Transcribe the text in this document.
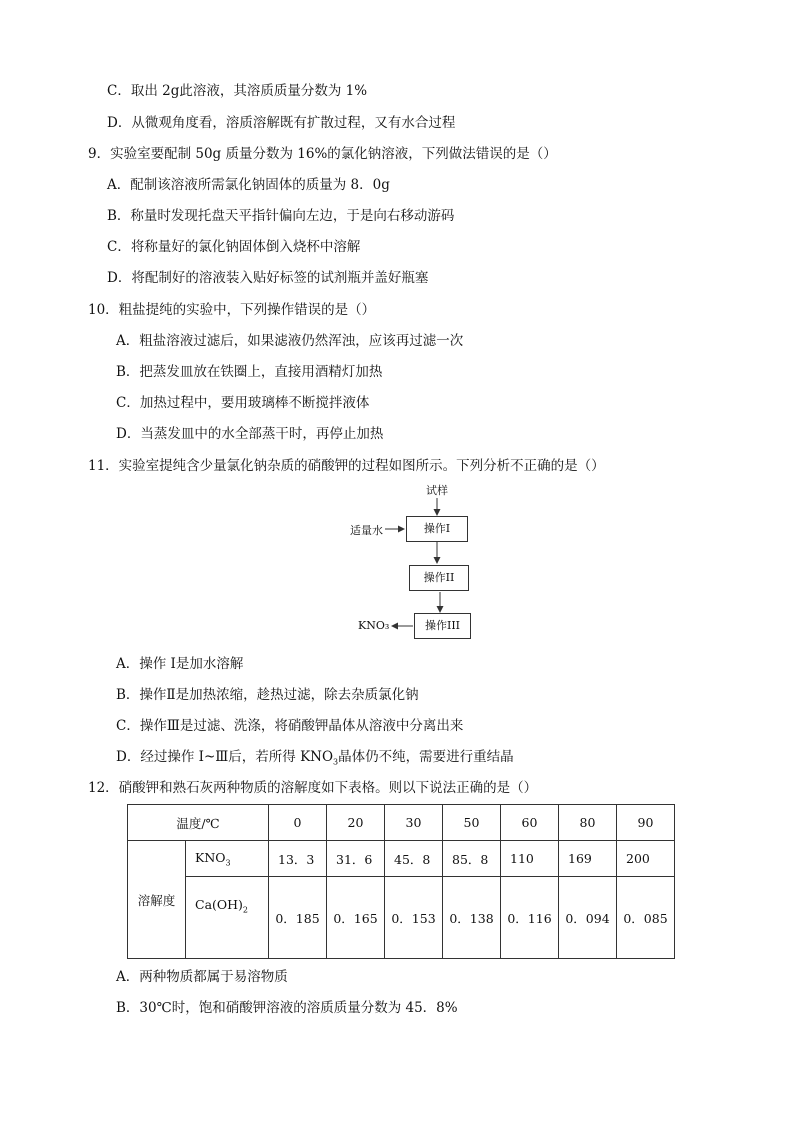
C．取出 2g此溶液，其溶质质量分数为 1%
D．从微观角度看，溶质溶解既有扩散过程，又有水合过程
9．实验室要配制 50g 质量分数为 16%的氯化钠溶液，下列做法错误的是（）
A．配制该溶液所需氯化钠固体的质量为 8．0g
B．称量时发现托盘天平指针偏向左边，于是向右移动游码
C．将称量好的氯化钠固体倒入烧杯中溶解
D．将配制好的溶液装入贴好标签的试剂瓶并盖好瓶塞
10．粗盐提纯的实验中，下列操作错误的是（）
A．粗盐溶液过滤后，如果滤液仍然浑浊，应该再过滤一次
B．把蒸发皿放在铁圈上，直接用酒精灯加热
C．加热过程中，要用玻璃棒不断搅拌液体
D．当蒸发皿中的水全部蒸干时，再停止加热
11．实验室提纯含少量氯化钠杂质的硝酸钾的过程如图所示。下列分析不正确的是（）
试样
适量水	操作I
操作II
操作III
KNO₃
A．操作 I是加水溶解
B．操作Ⅱ是加热浓缩，趁热过滤，除去杂质氯化钠
C．操作Ⅲ是过滤、洗涤，将硝酸钾晶体从溶液中分离出来
D．经过操作 I~Ⅲ后，若所得 $KNO_3$晶体仍不纯，需要进行重结晶
12．硝酸钾和熟石灰两种物质的溶解度如下表格。则以下说法正确的是（）
温度/℃		0	20	30	50	60	80	90
溶解度	$KNO_3$	13．3	31．6	45．8	85．8	110	169	200
	$Ca(OH)_2$	0．185	0．165	0．153	0．138	0．116	0．094	0．085
A．两种物质都属于易溶物质
B．30℃时，饱和硝酸钾溶液的溶质质量分数为 45．8%
